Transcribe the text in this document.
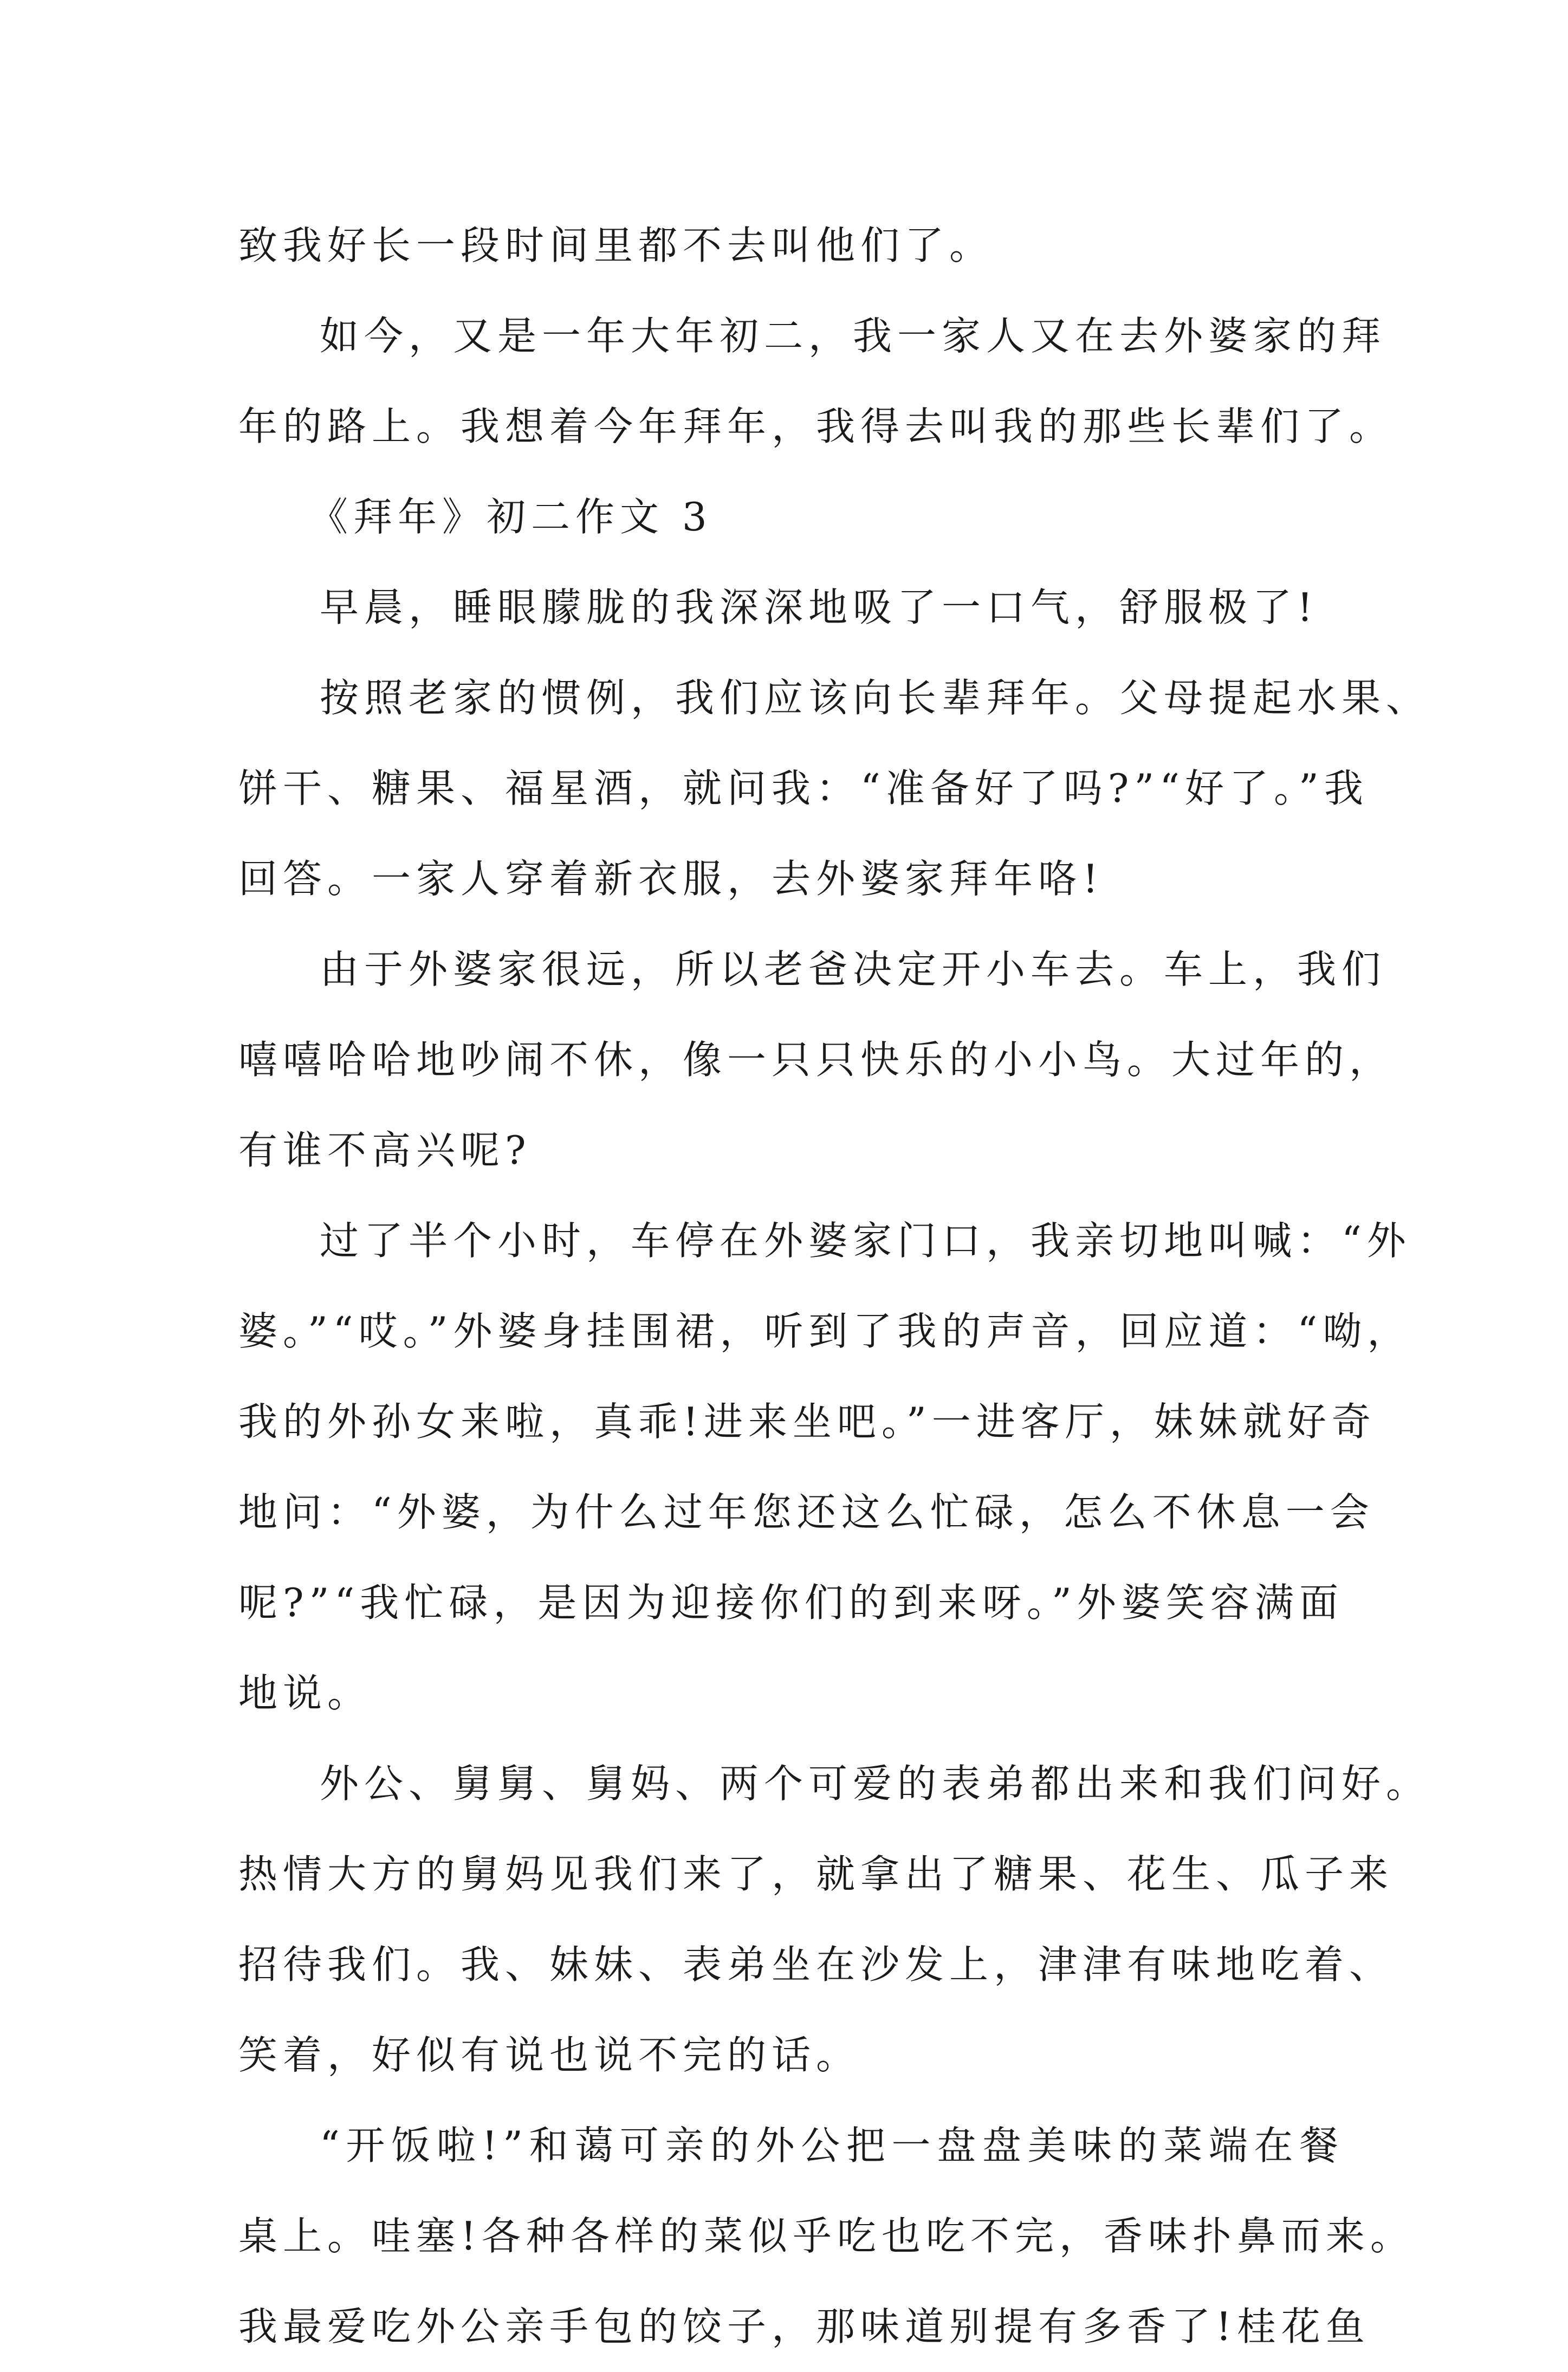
致我好长一段时间里都不去叫他们了。
如今，又是一年大年初二，我一家人又在去外婆家的拜
年的路上。我想着今年拜年，我得去叫我的那些长辈们了。
《拜年》初二作文 3
早晨，睡眼朦胧的我深深地吸了一口气，舒服极了!
按照老家的惯例，我们应该向长辈拜年。父母提起水果、
饼干、糖果、福星酒，就问我：“准备好了吗?”“好了。”我
回答。一家人穿着新衣服，去外婆家拜年咯!
由于外婆家很远，所以老爸决定开小车去。车上，我们
嘻嘻哈哈地吵闹不休，像一只只快乐的小小鸟。大过年的，
有谁不高兴呢?
过了半个小时，车停在外婆家门口，我亲切地叫喊：“外
婆。”“哎。”外婆身挂围裙，听到了我的声音，回应道：“呦，
我的外孙女来啦，真乖!进来坐吧。”一进客厅，妹妹就好奇
地问：“外婆，为什么过年您还这么忙碌，怎么不休息一会
呢?”“我忙碌，是因为迎接你们的到来呀。”外婆笑容满面
地说。
外公、舅舅、舅妈、两个可爱的表弟都出来和我们问好。
热情大方的舅妈见我们来了，就拿出了糖果、花生、瓜子来
招待我们。我、妹妹、表弟坐在沙发上，津津有味地吃着、
笑着，好似有说也说不完的话。
“开饭啦!”和蔼可亲的外公把一盘盘美味的菜端在餐
桌上。哇塞!各种各样的菜似乎吃也吃不完，香味扑鼻而来。
我最爱吃外公亲手包的饺子，那味道别提有多香了!桂花鱼
